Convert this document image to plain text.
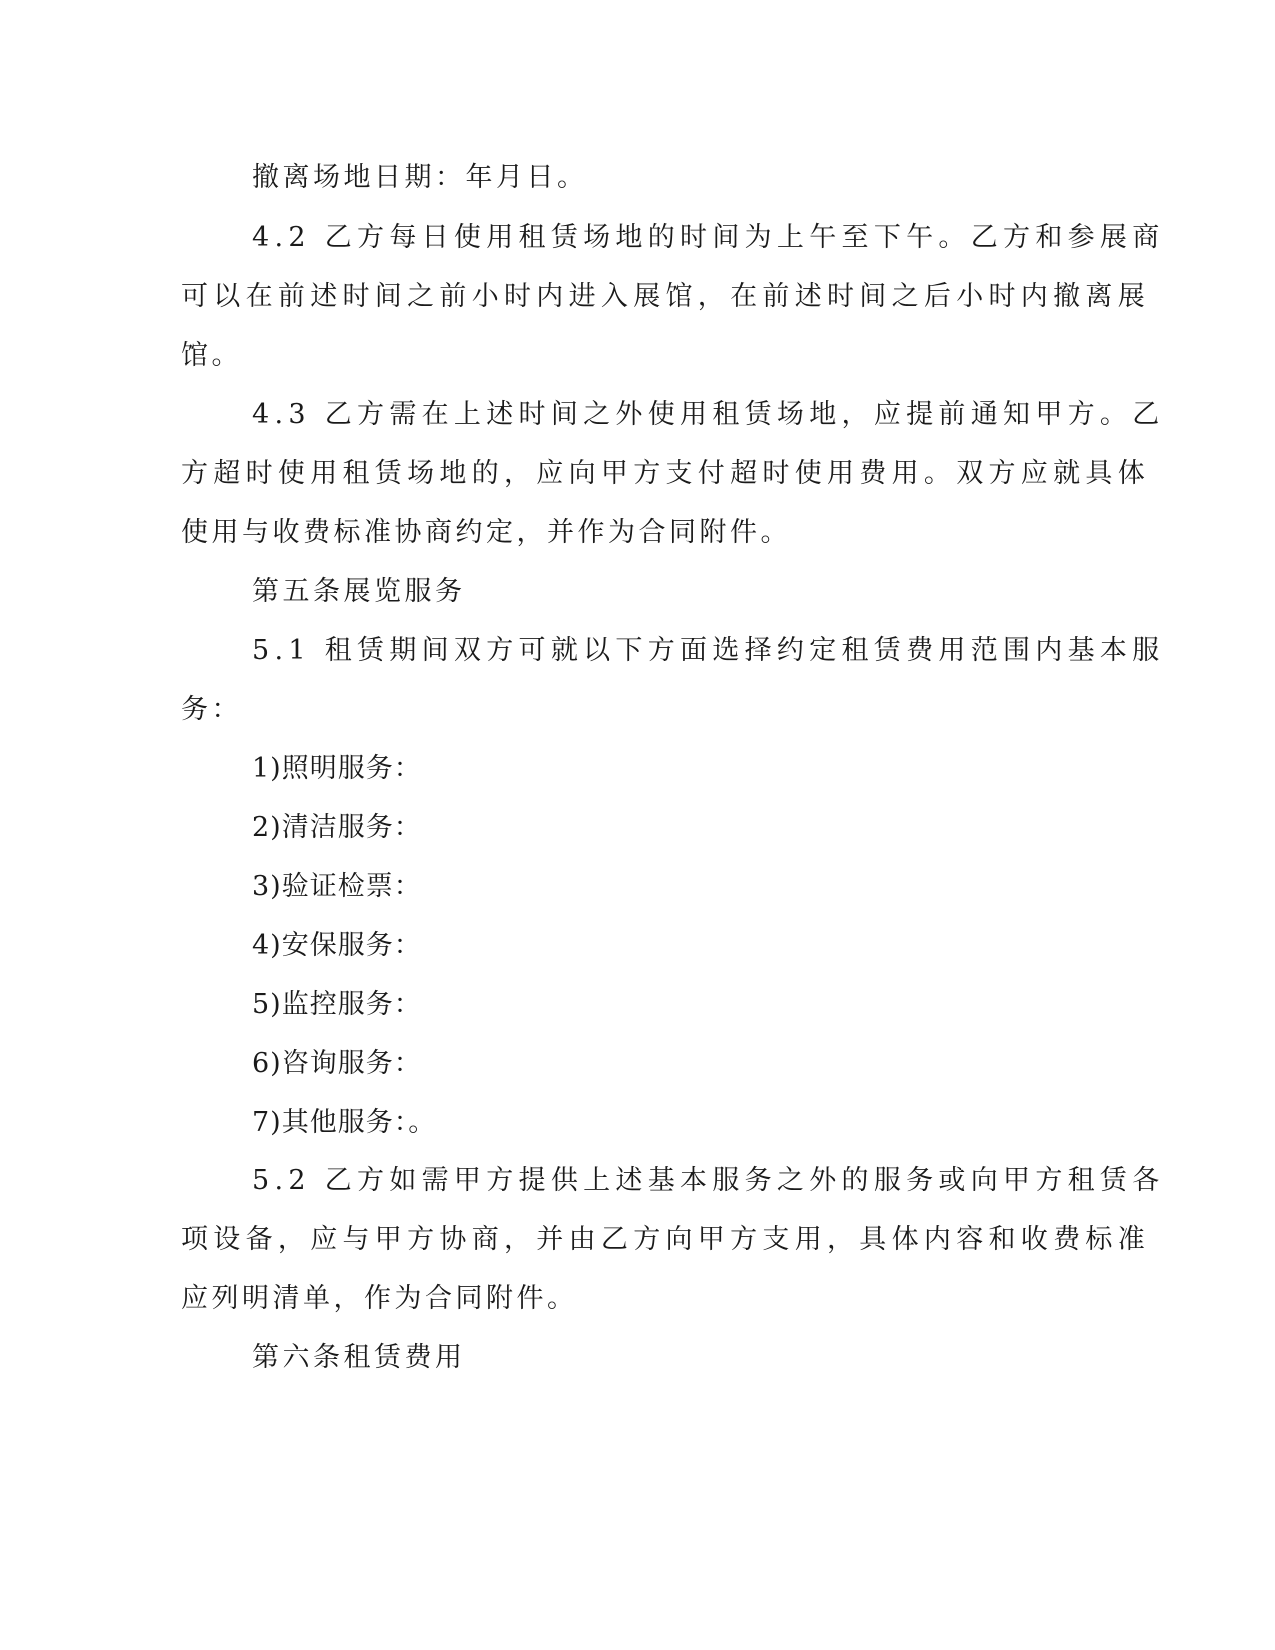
撤离场地日期：年月日。

4.2 乙方每日使用租赁场地的时间为上午至下午。乙方和参展商

可以在前述时间之前小时内进入展馆，在前述时间之后小时内撤离展

馆。

4.3 乙方需在上述时间之外使用租赁场地，应提前通知甲方。乙

方超时使用租赁场地的，应向甲方支付超时使用费用。双方应就具体

使用与收费标准协商约定，并作为合同附件。

第五条展览服务

5.1 租赁期间双方可就以下方面选择约定租赁费用范围内基本服

务：

1)照明服务：

2)清洁服务：

3)验证检票：

4)安保服务：

5)监控服务：

6)咨询服务：

7)其他服务：。

5.2 乙方如需甲方提供上述基本服务之外的服务或向甲方租赁各

项设备，应与甲方协商，并由乙方向甲方支用，具体内容和收费标准

应列明清单，作为合同附件。

第六条租赁费用
